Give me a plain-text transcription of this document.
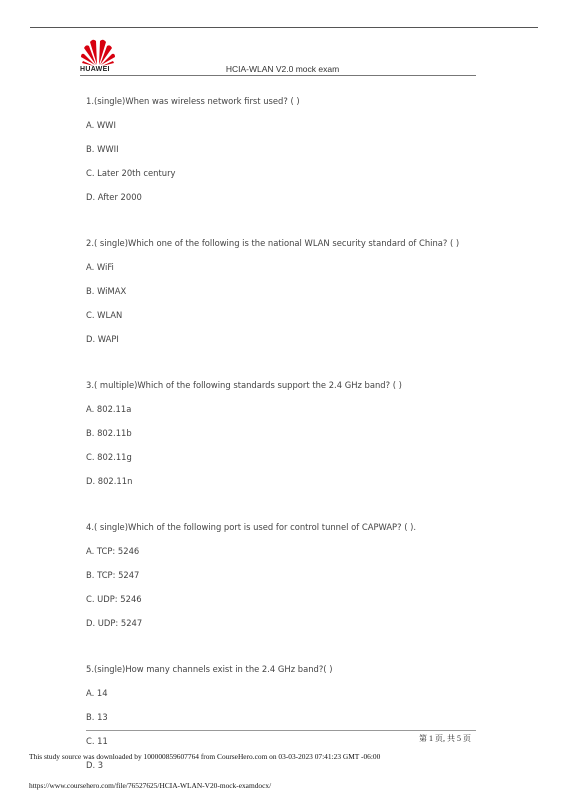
HUAWEI	HCIA-WLAN V2.0 mock exam
1.(single)When was wireless network first used? ( )
A. WWI
B. WWII
C. Later 20th century
D. After 2000
2.( single)Which one of the following is the national WLAN security standard of China? ( )
A. WiFi
B. WiMAX
C. WLAN
D. WAPI
3.( multiple)Which of the following standards support the 2.4 GHz band? ( )
A. 802.11a
B. 802.11b
C. 802.11g
D. 802.11n
4.( single)Which of the following port is used for control tunnel of CAPWAP? ( ).
A. TCP: 5246
B. TCP: 5247
C. UDP: 5246
D. UDP: 5247
5.(single)How many channels exist in the 2.4 GHz band?( )
A. 14
B. 13
C. 11
D. 3
第 1 页, 共 5 页
This study source was downloaded by 100000859607764 from CourseHero.com on 03-03-2023 07:41:23 GMT -06:00
https://www.coursehero.com/file/76527625/HCIA-WLAN-V20-mock-examdocx/
